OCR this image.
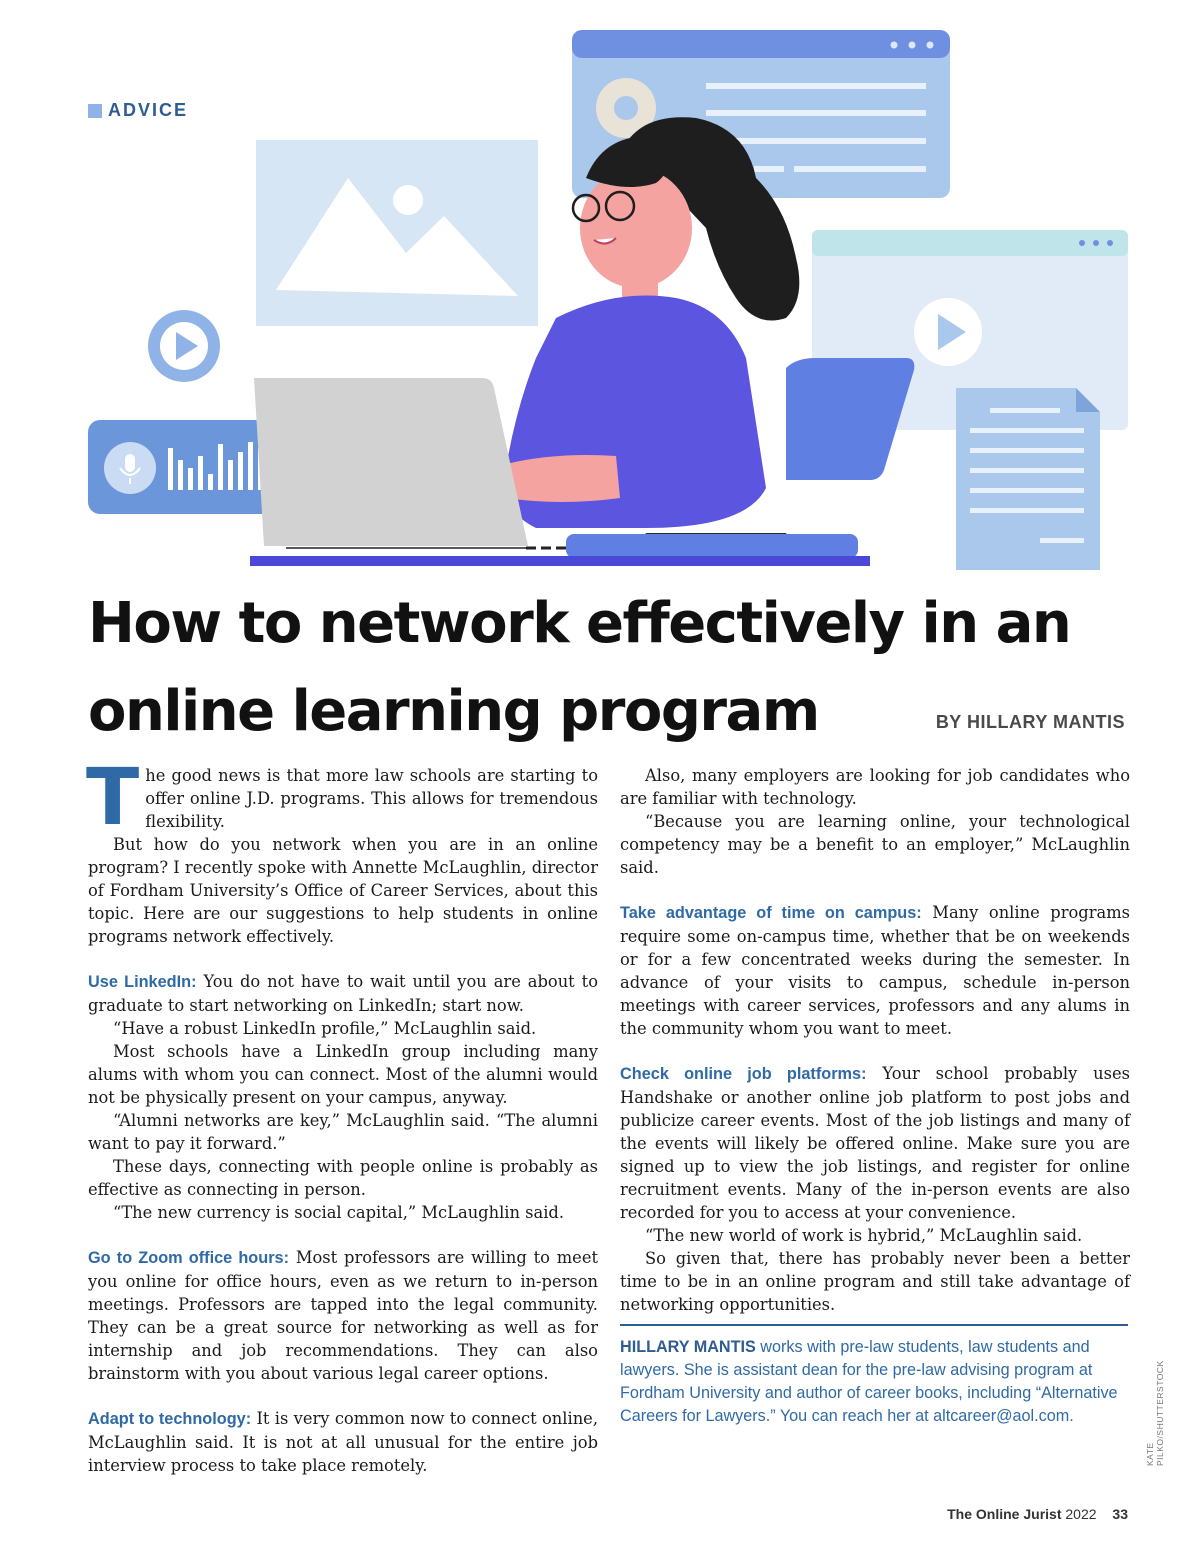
ADVICE
How to network effectively in an online learning program	BY HILLARY MANTIS

The good news is that more law schools are starting to offer online J.D. programs. This allows for tremendous flexibility.

But how do you network when you are in an online program? I recently spoke with Annette McLaughlin, director of Fordham University’s Office of Career Services, about this topic. Here are our suggestions to help students in online programs network effectively.

Use LinkedIn: You do not have to wait until you are about to graduate to start networking on LinkedIn; start now.

“Have a robust LinkedIn profile,” McLaughlin said.

Most schools have a LinkedIn group including many alums with whom you can connect. Most of the alumni would not be physically present on your campus, anyway.

“Alumni networks are key,” McLaughlin said. “The alumni want to pay it forward.”

These days, connecting with people online is probably as effective as connecting in person.

“The new currency is social capital,” McLaughlin said.

Go to Zoom office hours: Most professors are willing to meet you online for office hours, even as we return to in-person meetings. Professors are tapped into the legal community. They can be a great source for networking as well as for internship and job recommendations. They can also brainstorm with you about various legal career options.

Adapt to technology: It is very common now to connect online, McLaughlin said. It is not at all unusual for the entire job interview process to take place remotely.

Also, many employers are looking for job candidates who are familiar with technology.

“Because you are learning online, your technological competency may be a benefit to an employer,” McLaughlin said.

Take advantage of time on campus: Many online programs require some on-campus time, whether that be on weekends or for a few concentrated weeks during the semester. In advance of your visits to campus, schedule in-person meetings with career services, professors and any alums in the community whom you want to meet.

Check online job platforms: Your school probably uses Handshake or another online job platform to post jobs and publicize career events. Most of the job listings and many of the events will likely be offered online. Make sure you are signed up to view the job listings, and register for online recruitment events. Many of the in-person events are also recorded for you to access at your convenience.

“The new world of work is hybrid,” McLaughlin said.

So given that, there has probably never been a better time to be in an online program and still take advantage of networking opportunities.

HILLARY MANTIS works with pre-law students, law students and lawyers. She is assistant dean for the pre-law advising program at Fordham University and author of career books, including “Alternative Careers for Lawyers.” You can reach her at altcareer@aol.com.

KATE PILKO/SHUTTERSTOCK
The Online Jurist 2022 33
